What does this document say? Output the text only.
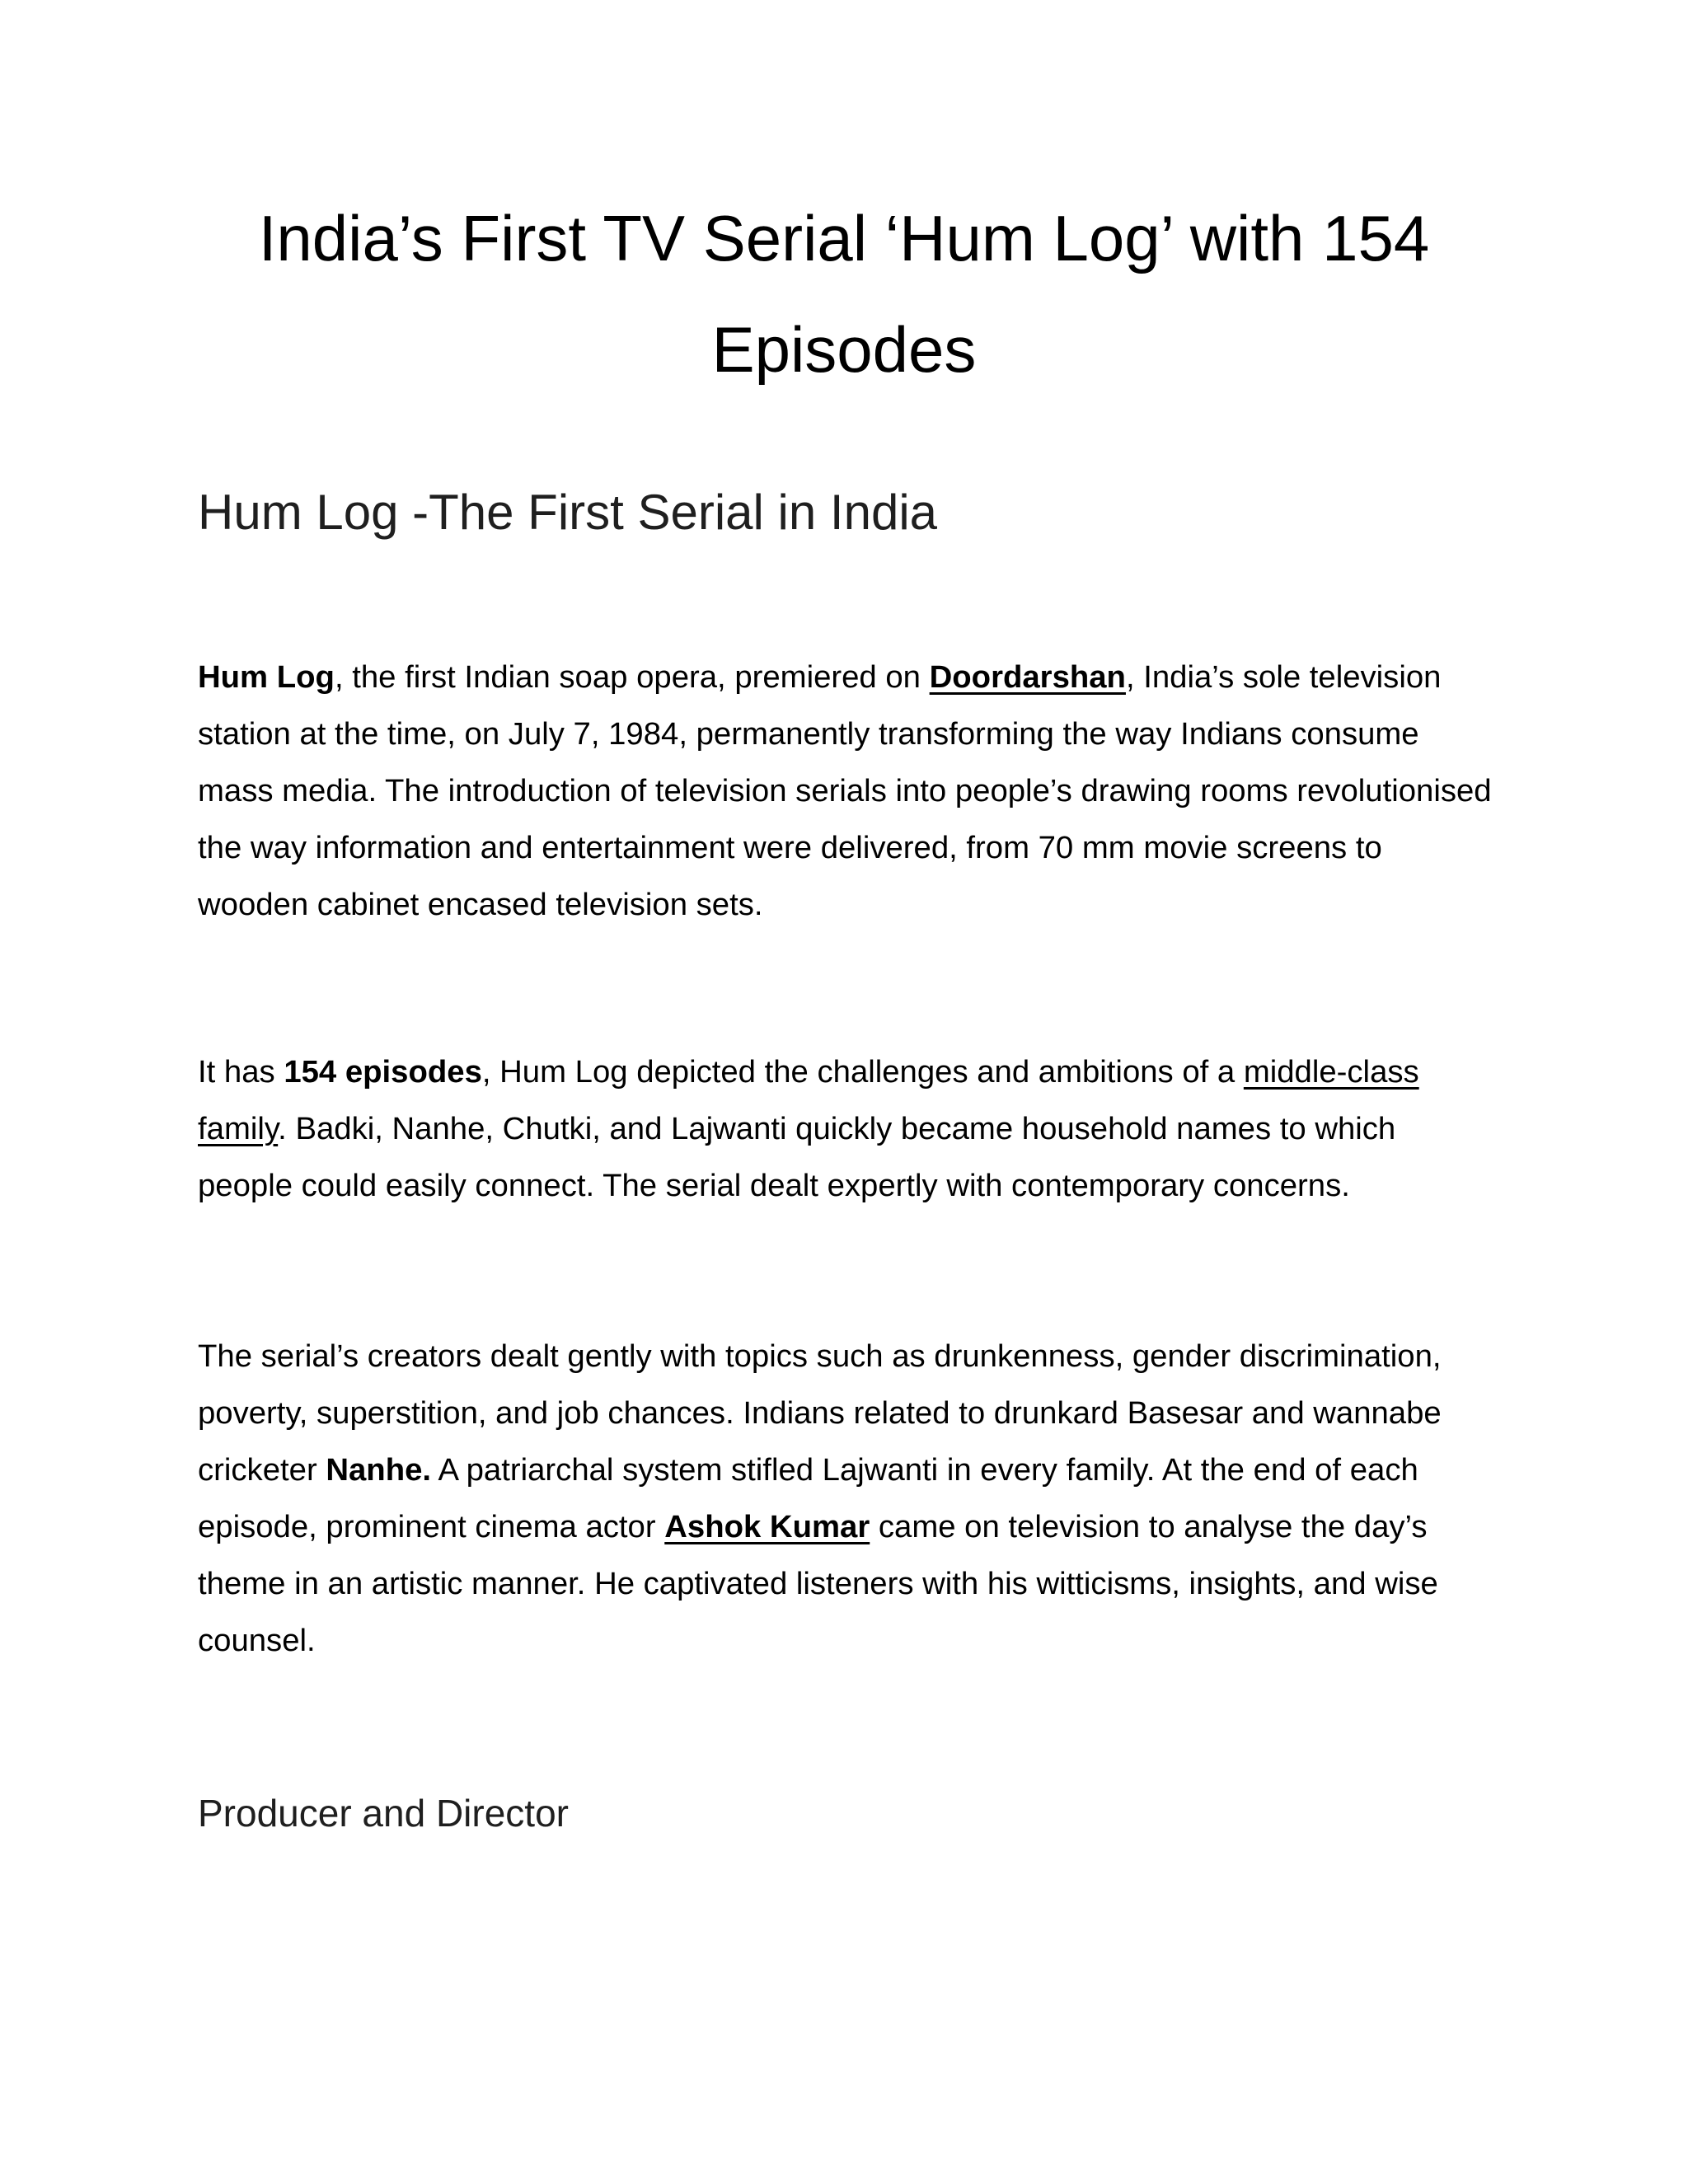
India’s First TV Serial ‘Hum Log’ with 154 Episodes
Hum Log -The First Serial in India

Hum Log, the first Indian soap opera, premiered on Doordarshan, India’s sole television station at the time, on July 7, 1984, permanently transforming the way Indians consume mass media. The introduction of television serials into people’s drawing rooms revolutionised the way information and entertainment were delivered, from 70 mm movie screens to wooden cabinet encased television sets.

It has 154 episodes, Hum Log depicted the challenges and ambitions of a middle-class family. Badki, Nanhe, Chutki, and Lajwanti quickly became household names to which people could easily connect. The serial dealt expertly with contemporary concerns.

The serial’s creators dealt gently with topics such as drunkenness, gender discrimination, poverty, superstition, and job chances. Indians related to drunkard Basesar and wannabe cricketer Nanhe. A patriarchal system stifled Lajwanti in every family. At the end of each episode, prominent cinema actor Ashok Kumar came on television to analyse the day’s theme in an artistic manner. He captivated listeners with his witticisms, insights, and wise counsel.

Producer and Director
